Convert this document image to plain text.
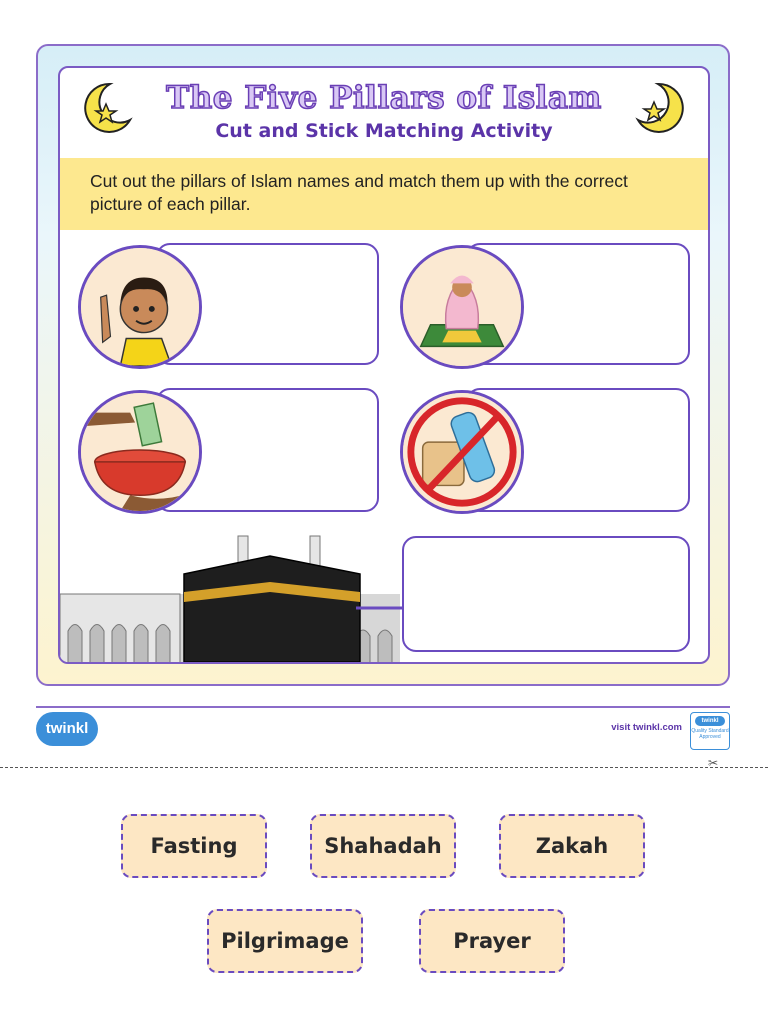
The Five Pillars of Islam
Cut and Stick Matching Activity
Cut out the pillars of Islam names and match them up with the correct picture of each pillar.
twinkl	visit twinkl.com
twinkl
Quality Standard Approved
✂
Fasting	Shahadah	Zakah
Pilgrimage	Prayer
